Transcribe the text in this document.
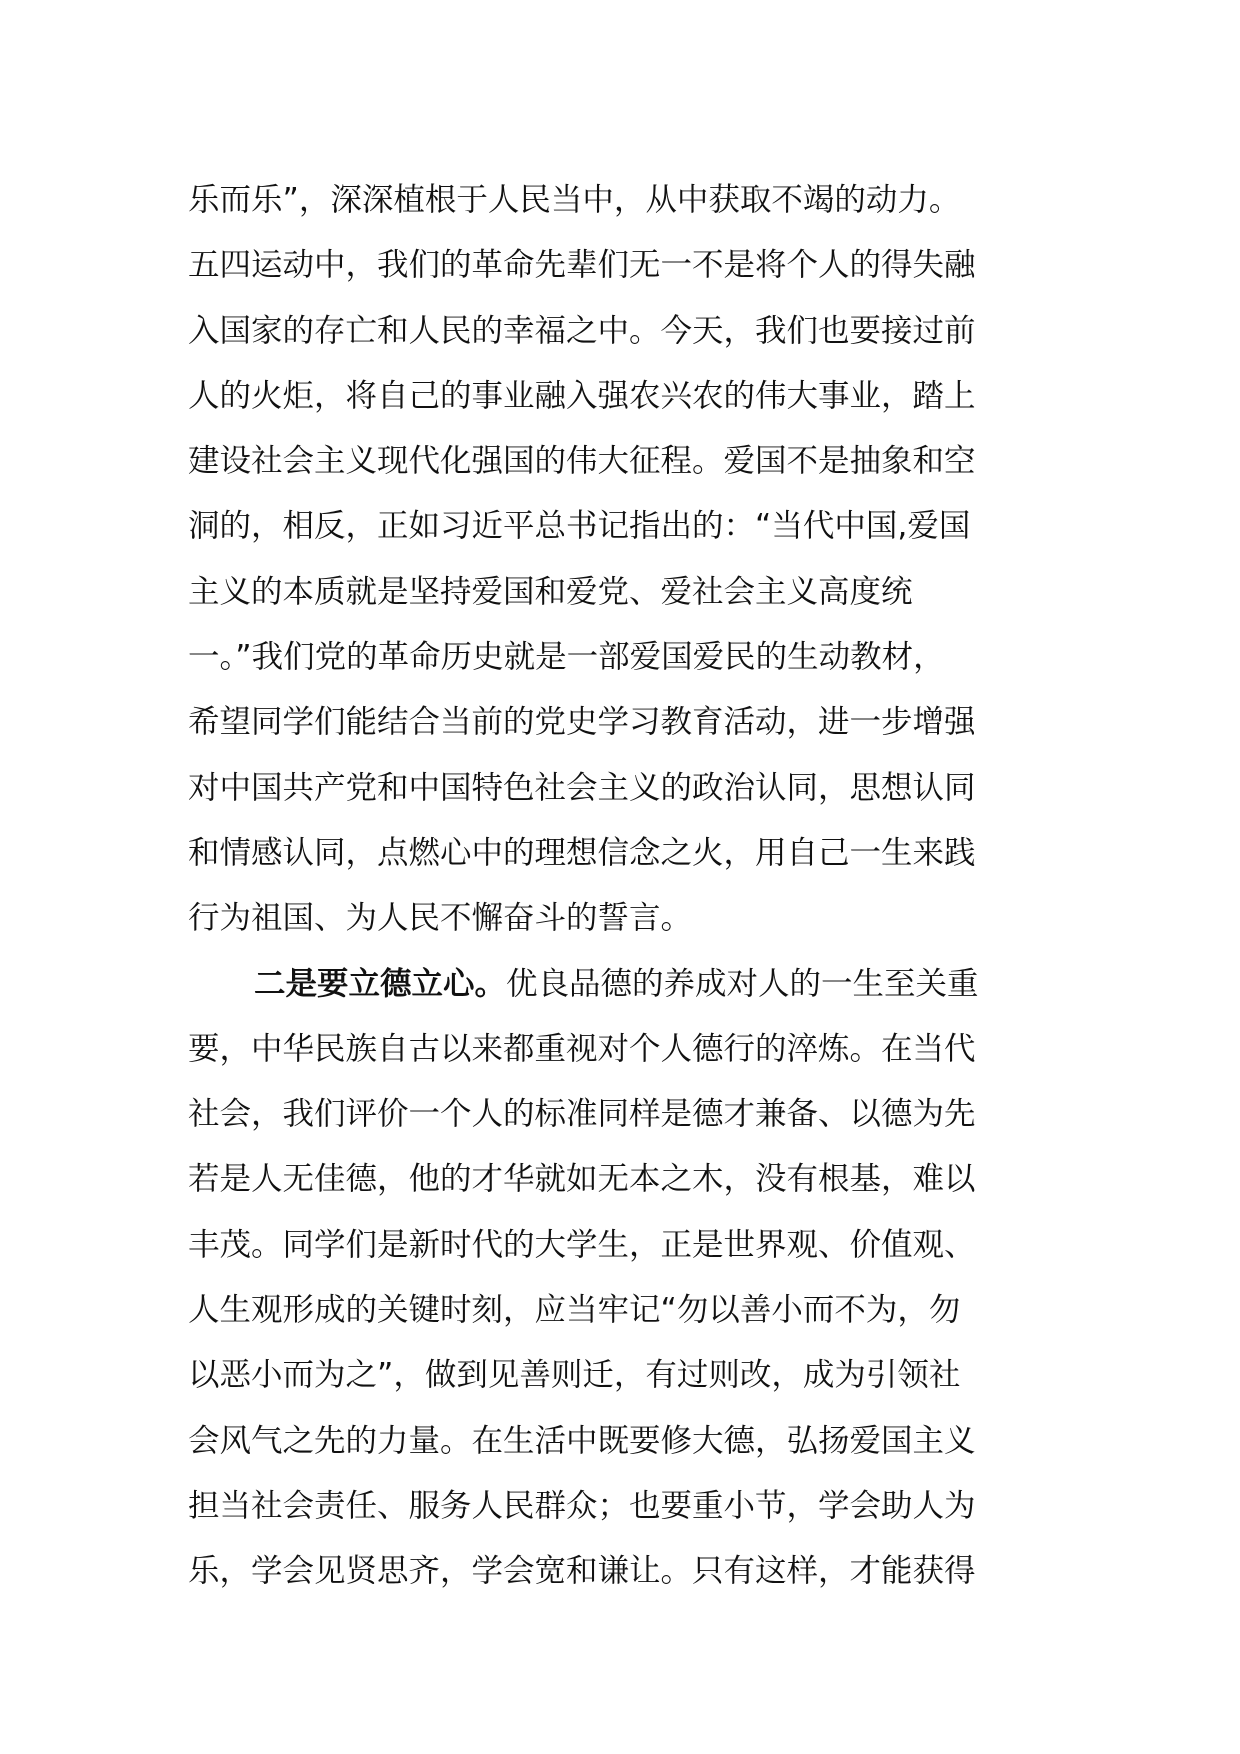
乐而乐”，深深植根于人民当中，从中获取不竭的动力。
五四运动中，我们的革命先辈们无一不是将个人的得失融
入国家的存亡和人民的幸福之中。今天，我们也要接过前
人的火炬，将自己的事业融入强农兴农的伟大事业，踏上
建设社会主义现代化强国的伟大征程。爱国不是抽象和空
洞的，相反，正如习近平总书记指出的：“当代中国,爱国
主义的本质就是坚持爱国和爱党、爱社会主义高度统
一。”我们党的革命历史就是一部爱国爱民的生动教材，
希望同学们能结合当前的党史学习教育活动，进一步增强
对中国共产党和中国特色社会主义的政治认同，思想认同
和情感认同，点燃心中的理想信念之火，用自己一生来践
行为祖国、为人民不懈奋斗的誓言。
二是要立德立心。优良品德的养成对人的一生至关重
要，中华民族自古以来都重视对个人德行的淬炼。在当代
社会，我们评价一个人的标准同样是德才兼备、以德为先
若是人无佳德，他的才华就如无本之木，没有根基，难以
丰茂。同学们是新时代的大学生，正是世界观、价值观、
人生观形成的关键时刻，应当牢记“勿以善小而不为，勿
以恶小而为之”，做到见善则迁，有过则改，成为引领社
会风气之先的力量。在生活中既要修大德，弘扬爱国主义
担当社会责任、服务人民群众；也要重小节，学会助人为
乐，学会见贤思齐，学会宽和谦让。只有这样，才能获得
